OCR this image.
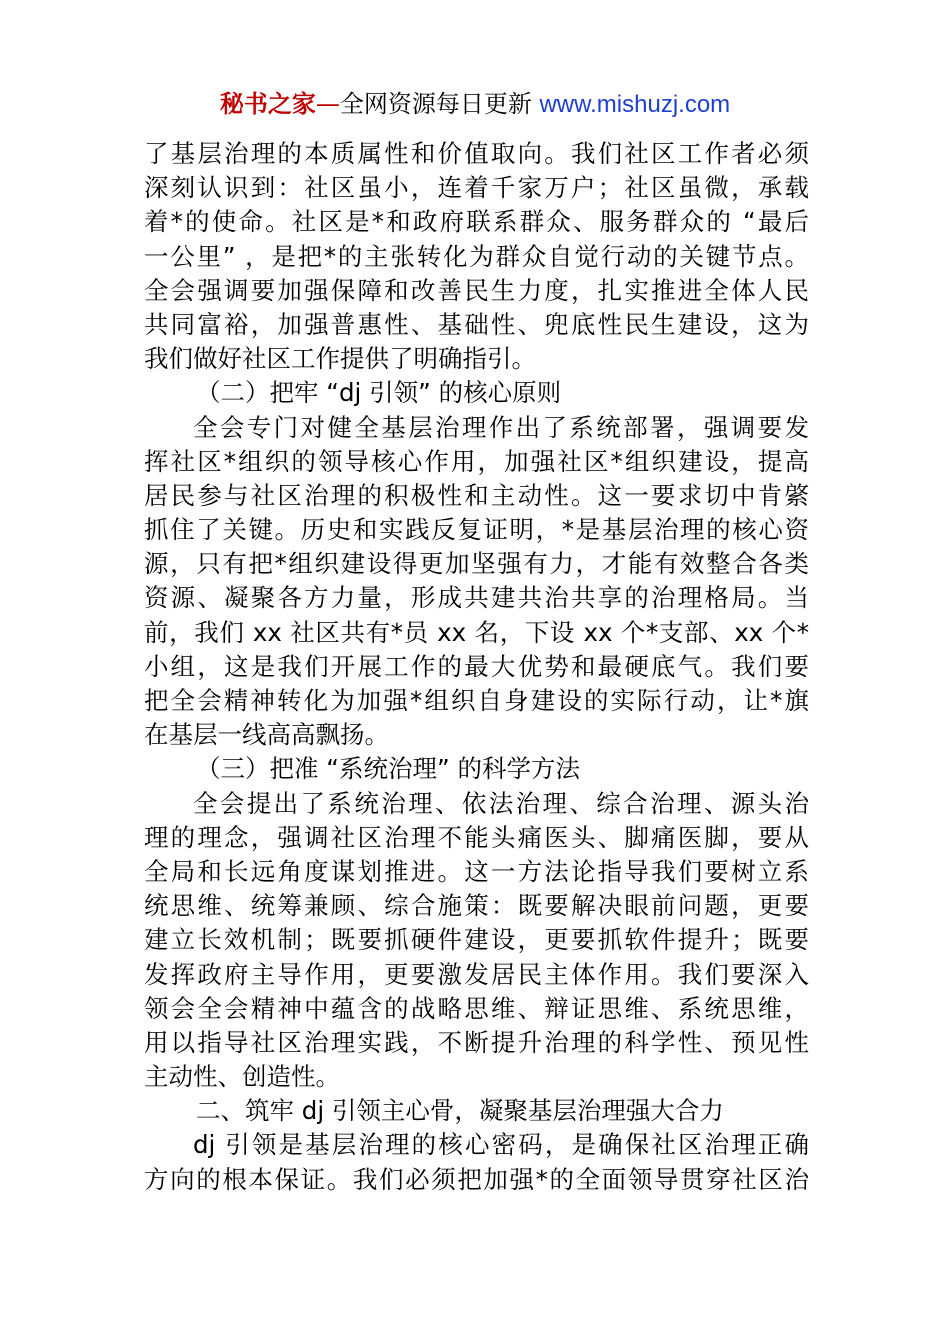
秘书之家—全网资源每日更新 www.mishuzj.com
了基层治理的本质属性和价值取向。我们社区工作者必须
深刻认识到：社区虽小，连着千家万户；社区虽微，承载
着*的使命。社区是*和政府联系群众、服务群众的 “最后
一公里” ，是把*的主张转化为群众自觉行动的关键节点。
全会强调要加强保障和改善民生力度，扎实推进全体人民
共同富裕，加强普惠性、基础性、兜底性民生建设，这为
我们做好社区工作提供了明确指引。
（二）把牢 “dj 引领” 的核心原则
全会专门对健全基层治理作出了系统部署，强调要发
挥社区*组织的领导核心作用，加强社区*组织建设，提高
居民参与社区治理的积极性和主动性。这一要求切中肯綮
抓住了关键。历史和实践反复证明，*是基层治理的核心资
源，只有把*组织建设得更加坚强有力，才能有效整合各类
资源、凝聚各方力量，形成共建共治共享的治理格局。当
前，我们 xx 社区共有*员 xx 名，下设 xx 个*支部、xx 个*
小组，这是我们开展工作的最大优势和最硬底气。我们要
把全会精神转化为加强*组织自身建设的实际行动，让*旗
在基层一线高高飘扬。
（三）把准 “系统治理” 的科学方法
全会提出了系统治理、依法治理、综合治理、源头治
理的理念，强调社区治理不能头痛医头、脚痛医脚，要从
全局和长远角度谋划推进。这一方法论指导我们要树立系
统思维、统筹兼顾、综合施策：既要解决眼前问题，更要
建立长效机制；既要抓硬件建设，更要抓软件提升；既要
发挥政府主导作用，更要激发居民主体作用。我们要深入
领会全会精神中蕴含的战略思维、辩证思维、系统思维，
用以指导社区治理实践，不断提升治理的科学性、预见性
主动性、创造性。
二、筑牢 dj 引领主心骨，凝聚基层治理强大合力
dj 引领是基层治理的核心密码，是确保社区治理正确
方向的根本保证。我们必须把加强*的全面领导贯穿社区治
